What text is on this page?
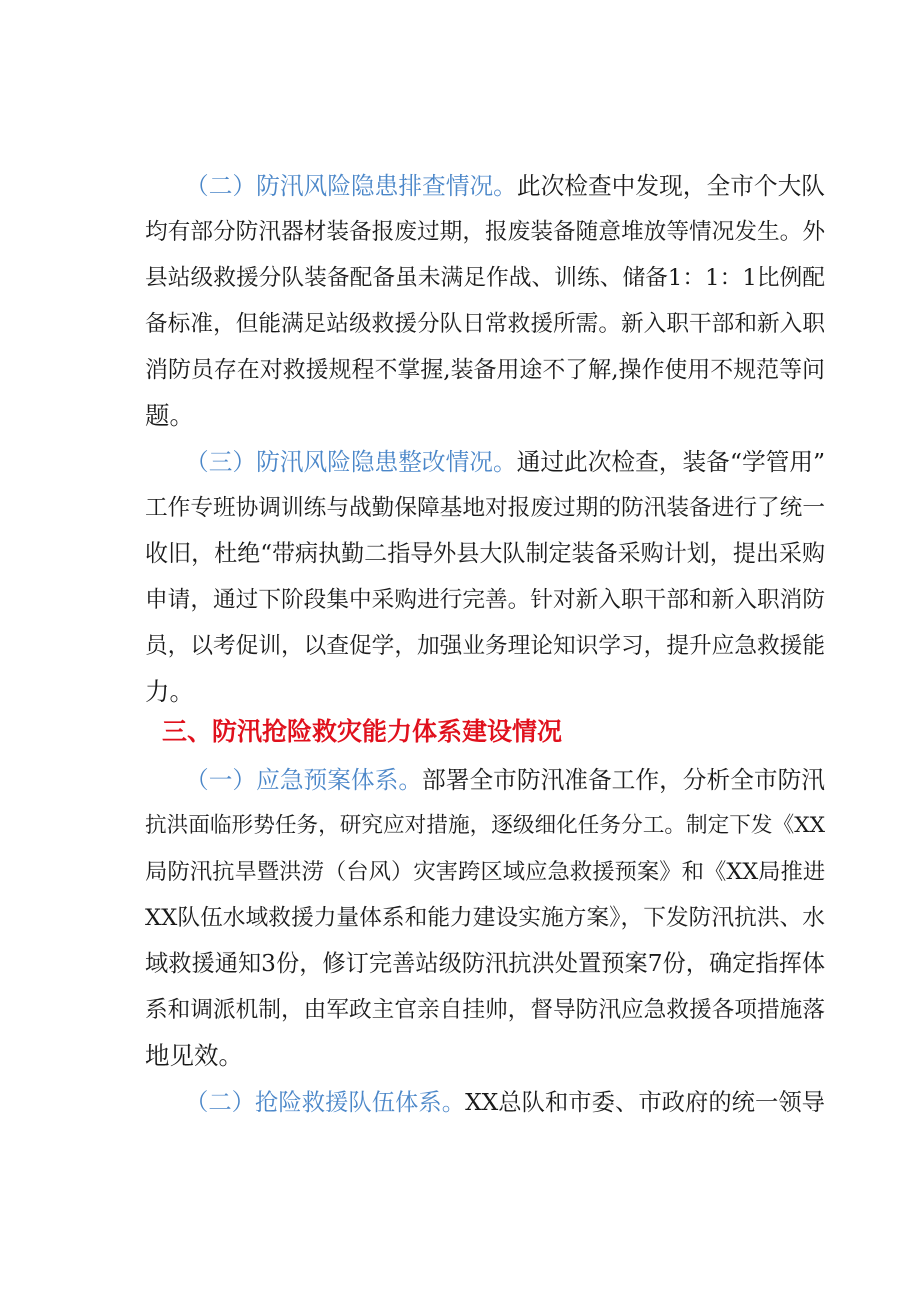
（二）防汛风险隐患排查情况。此次检查中发现，全市个大队
均有部分防汛器材装备报废过期，报废装备随意堆放等情况发生。外
县站级救援分队装备配备虽未满足作战、训练、储备1：1：1比例配
备标准，但能满足站级救援分队日常救援所需。新入职干部和新入职
消防员存在对救援规程不掌握,装备用途不了解,操作使用不规范等问
题。
（三）防汛风险隐患整改情况。通过此次检查，装备“学管用”
工作专班协调训练与战勤保障基地对报废过期的防汛装备进行了统一
收旧，杜绝“带病执勤二指导外县大队制定装备采购计划，提出采购
申请，通过下阶段集中采购进行完善。针对新入职干部和新入职消防
员，以考促训，以查促学，加强业务理论知识学习，提升应急救援能
力。
三、防汛抢险救灾能力体系建设情况
（一）应急预案体系。部署全市防汛准备工作，分析全市防汛
抗洪面临形势任务，研究应对措施，逐级细化任务分工。制定下发《XX
局防汛抗旱暨洪涝（台风）灾害跨区域应急救援预案》和《XX局推进
XX队伍水域救援力量体系和能力建设实施方案》，下发防汛抗洪、水
域救援通知3份，修订完善站级防汛抗洪处置预案7份，确定指挥体
系和调派机制，由军政主官亲自挂帅，督导防汛应急救援各项措施落
地见效。
（二）抢险救援队伍体系。XX总队和市委、市政府的统一领导
